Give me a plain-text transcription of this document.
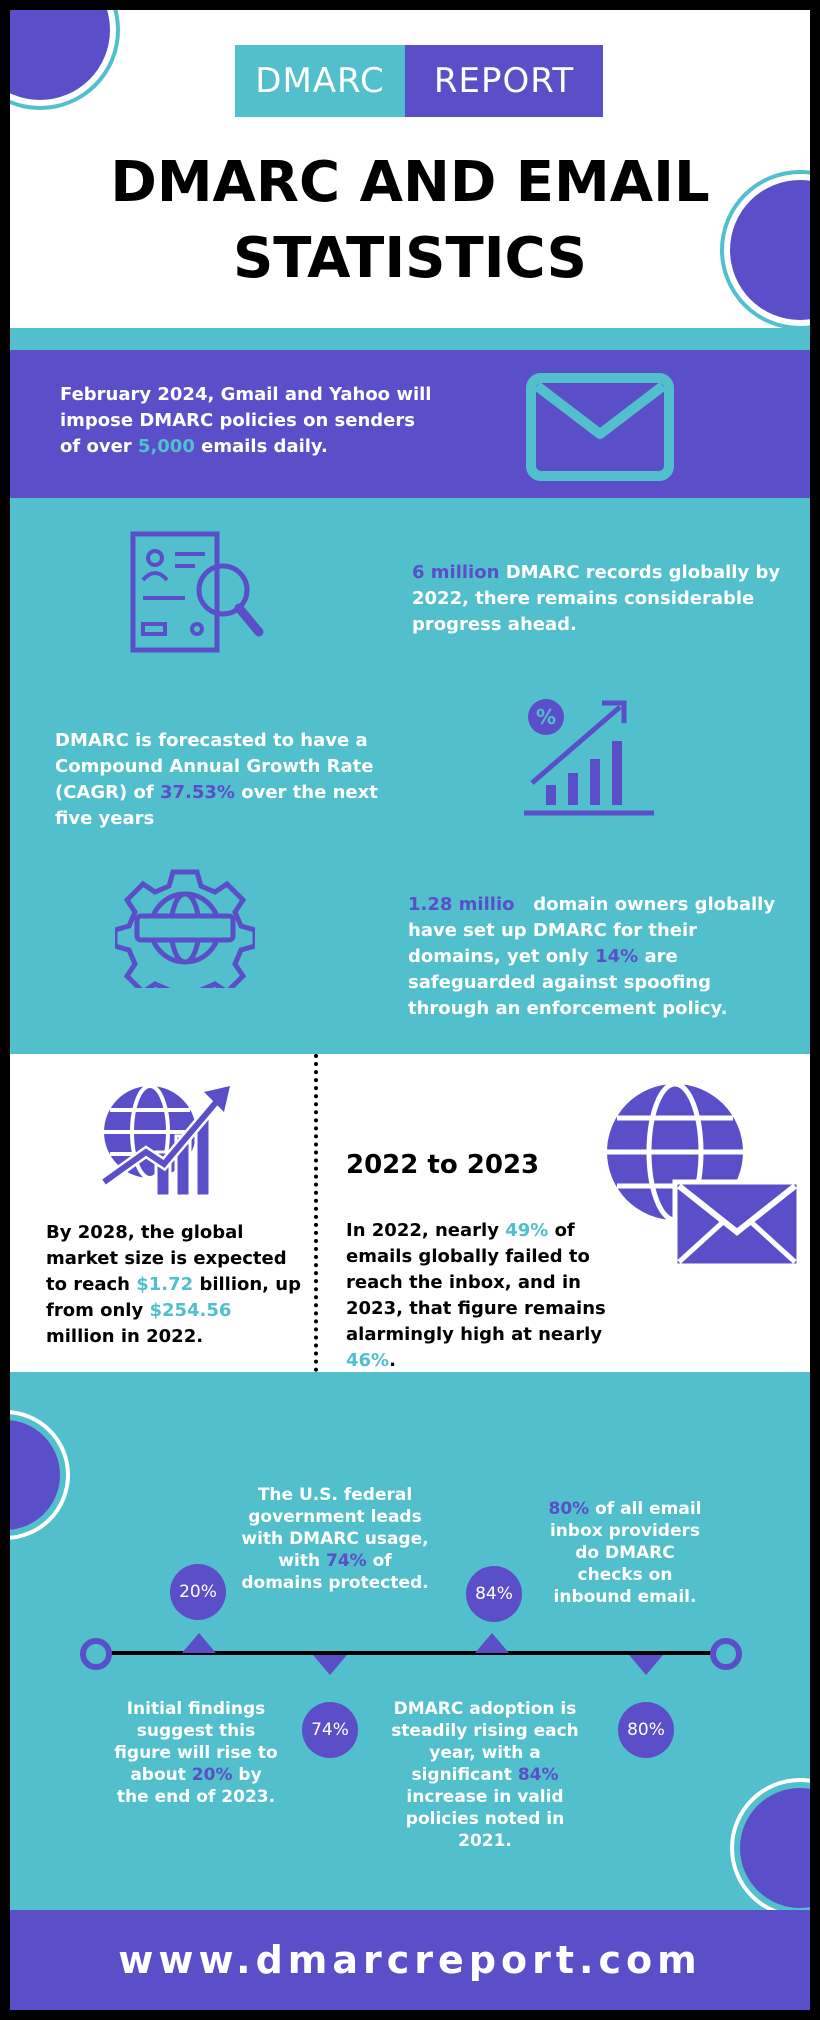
DMARC	REPORT
DMARC AND EMAIL
STATISTICS
February 2024, Gmail and Yahoo will impose DMARC policies on senders of over 5,000 emails daily.
6 million DMARC records globally by 2022, there remains considerable progress ahead.
DMARC is forecasted to have a Compound Annual Growth Rate (CAGR) of 37.53% over the next five years
%
1.28 millio   domain owners globally have set up DMARC for their domains, yet only 14% are safeguarded against spoofing through an enforcement policy.
By 2028, the global market size is expected to reach $1.72 billion, up from only $254.56 million in 2022.
2022 to 2023
In 2022, nearly 49% of emails globally failed to reach the inbox, and in 2023, that figure remains alarmingly high at nearly 46%.
The U.S. federal government leads with DMARC usage, with 74% of domains protected.
80% of all email inbox providers do DMARC checks on inbound email.
20%	84%
74%	80%
Initial findings suggest this figure will rise to about 20% by the end of 2023.
DMARC adoption is steadily rising each year, with a significant 84% increase in valid policies noted in 2021.
www.dmarcreport.com
